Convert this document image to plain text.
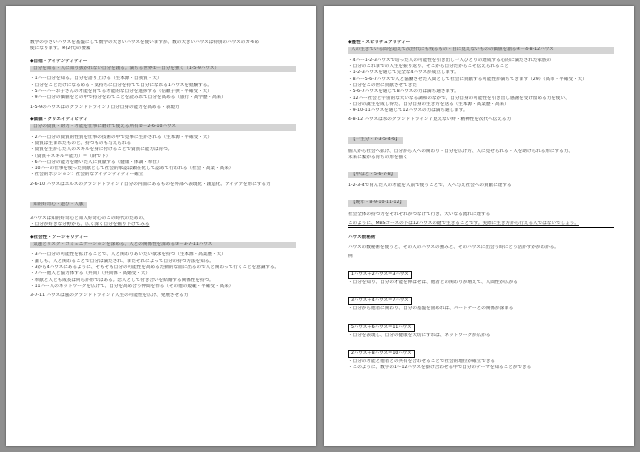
数学の小さいハウスを基盤にして数学の大きいハウスを使いますが、数の大きいハウスは特別のハウスのカモめ
使になります。※(2代)の要素
◆自他・アイデンティティー
自分を知る・人に知り抜かれない自分を創る。満ちる世界①－自分を強く（1-5-9ハウス）
・1ハー自分を知る。自分を語り上げる（生本源・自我質・天）
・自分をことだけになるめる・気持ちに自分を持てて自分になれる1ハウスを経験する。
・5ハーハーお子さんの才能を育てる才能的な自分を進捗する（信頼子供・平確受・天）
・9ハー自分の価値をとの中で持分をわてことを読みれて自分を高める（旅行・高学歴・高来）
1-5-9のハウスはのグランドトライン / 自分自身の能力を高める・表現力
◆価値・クリエイティビティ
自分の資質・財力・才能を仕事に磨けて使える所有②－2-6-10ハウス
・2ハー自分の資質的性質を仕事の技術の中で見事に生かされる（生本源・平確受・天）
・資質は生まれたものと、持つものも与えられる
・資質を生かした人のスキルを身に付けることで資質に能力は育つ。
・（資質＋スキル＝能力）＝（財で下）
・6ハー自分の能力を磨いた人に貢献する（健康・体調・奉仕）
・10ハーの仕事を使った貢献として社会的承認は顕在化して認めて行われる（社会・高業・高来）
・社会的ポジション：社会的なアイデンティティー確立
2-6-10 ハウスはエルスのグランドトライン / 自分の内面にあるものを外部へ表現化・創造化、アイデアを形にする力
知的好奇心・遊び・人脈
3ハウスは知的好奇心と知人好奇心のこの時代のための、
・自分が好きな分野から、広く深く自分を掘り下げてみる
◆社会性・ソーシャリティー
気運とリスク・コミュニケーションを深める、人との関係性を深める③－3-7-11ハウス
・3ハー自分の可能性を拡げることで、人と関わりあいたい欲求を持つ（生本源・高業歴・天）
・誰しも、人と関わることで自分は満たされ、またそれによって自分の持つ方法を知る。
・3から4ハウスにあるように、そもそも自分の可能性を高めるた動的な面に出るので人と関わって行くことを意識する。
・7ハー他人と協力体する（共同）（共同体・高婚受・天）
・奉献と人とも成長は何らか形ではある。恋人として付き合いを結婚する関係性を持つ。
・11ハー人のネットワークを広げて、自分を高め合う仲間を作る（その他の規範・平確受・高来）
3-7-11 ハウスは風のグランドトライン / 人生の可能性を広げ、発展させる力
◆霊性・スピリチュアリティー
人の生きている間を超えて次世代にも残るもの・目に見えないものの価値を創る④－4-8-12ハウス
・4ハー1-2-3ハウスで培った人の可能性を引き出し一人ひとりの達成する心的に満たされた家族の
・自分のこれまでの人生を振り返り、そこから自分だからこそ伝えられること
・1-2-3ハウスを通じて完全な4ハウスが成立します。
・8ハー5-6-7ハウスで人と協働させた人間として社会に貢献する可能性が満ちてきます（29）（高市・平確受・天）
・自分をこの世に貢献させてきた
・5-6-7ハウスを通じて8ハウスの力は満ち通さます。
・12ハー社会と宇宙的な大いなる調和のなかで、自分自身の可能性を引き出し感謝を受け留める力を使い、
・自分の誕生を成し得た、自分自身の生き方を送る（生本源・高業歴・高来）
・9-10-11ハウスを通じて12ハウスの力は満ち通します。
4-8-12 ハウスは水のグランドトライン / 見えない絆・精神性を次代へ伝える力
【一生分・7-3-5-4-6】
個人から社会へ拡げ、自分から人への関わり・自分を広げ方、人に見せられる・人を助けられる形にする力、
未来に繋がる育ちの形を描く
【中ほど・5-6-7-8】
1-2-3-4で育んだ人の才能を人前で使うことで、人へ与え社会への貢献に達する
【晩年・8-9-10-11-12】
社会全体の持つ力をそれぞれがつなげて行き、大いなる流れに達する
このように、MBSコースの下は12ハウスの鍵で生きることです。実際に生き方から行える人ではないでしょう。
ハウス数秘術
ハウスの数秘術を使うと、その人のハウスの強みと、そのハウスに出会う時にどう活かすかがわかる。
例
1ハウス＋2ハウス＝3ハウス
・自分を知り、自分の才能を伸ばせば、他者との関わりが増えて、人間性が広がる
3ハウス＋4ハウス＝7ハウス
・自分から他者に関わり、自分の基盤を固めれば、パートナーとの関係が深まる
5ハウス＋6ハウス＝11ハウス
・自分を表現し、自分の健康を大切にすれば、ネットワークが広がる
2ハウス＋8ハウス＝10ハウス
・自分の才能と他者との共有を合わせることで社会的地位が確立できる
・このように、数字の1～12ハウスを掛け合わせる中で自分のテーマを知ることができる
